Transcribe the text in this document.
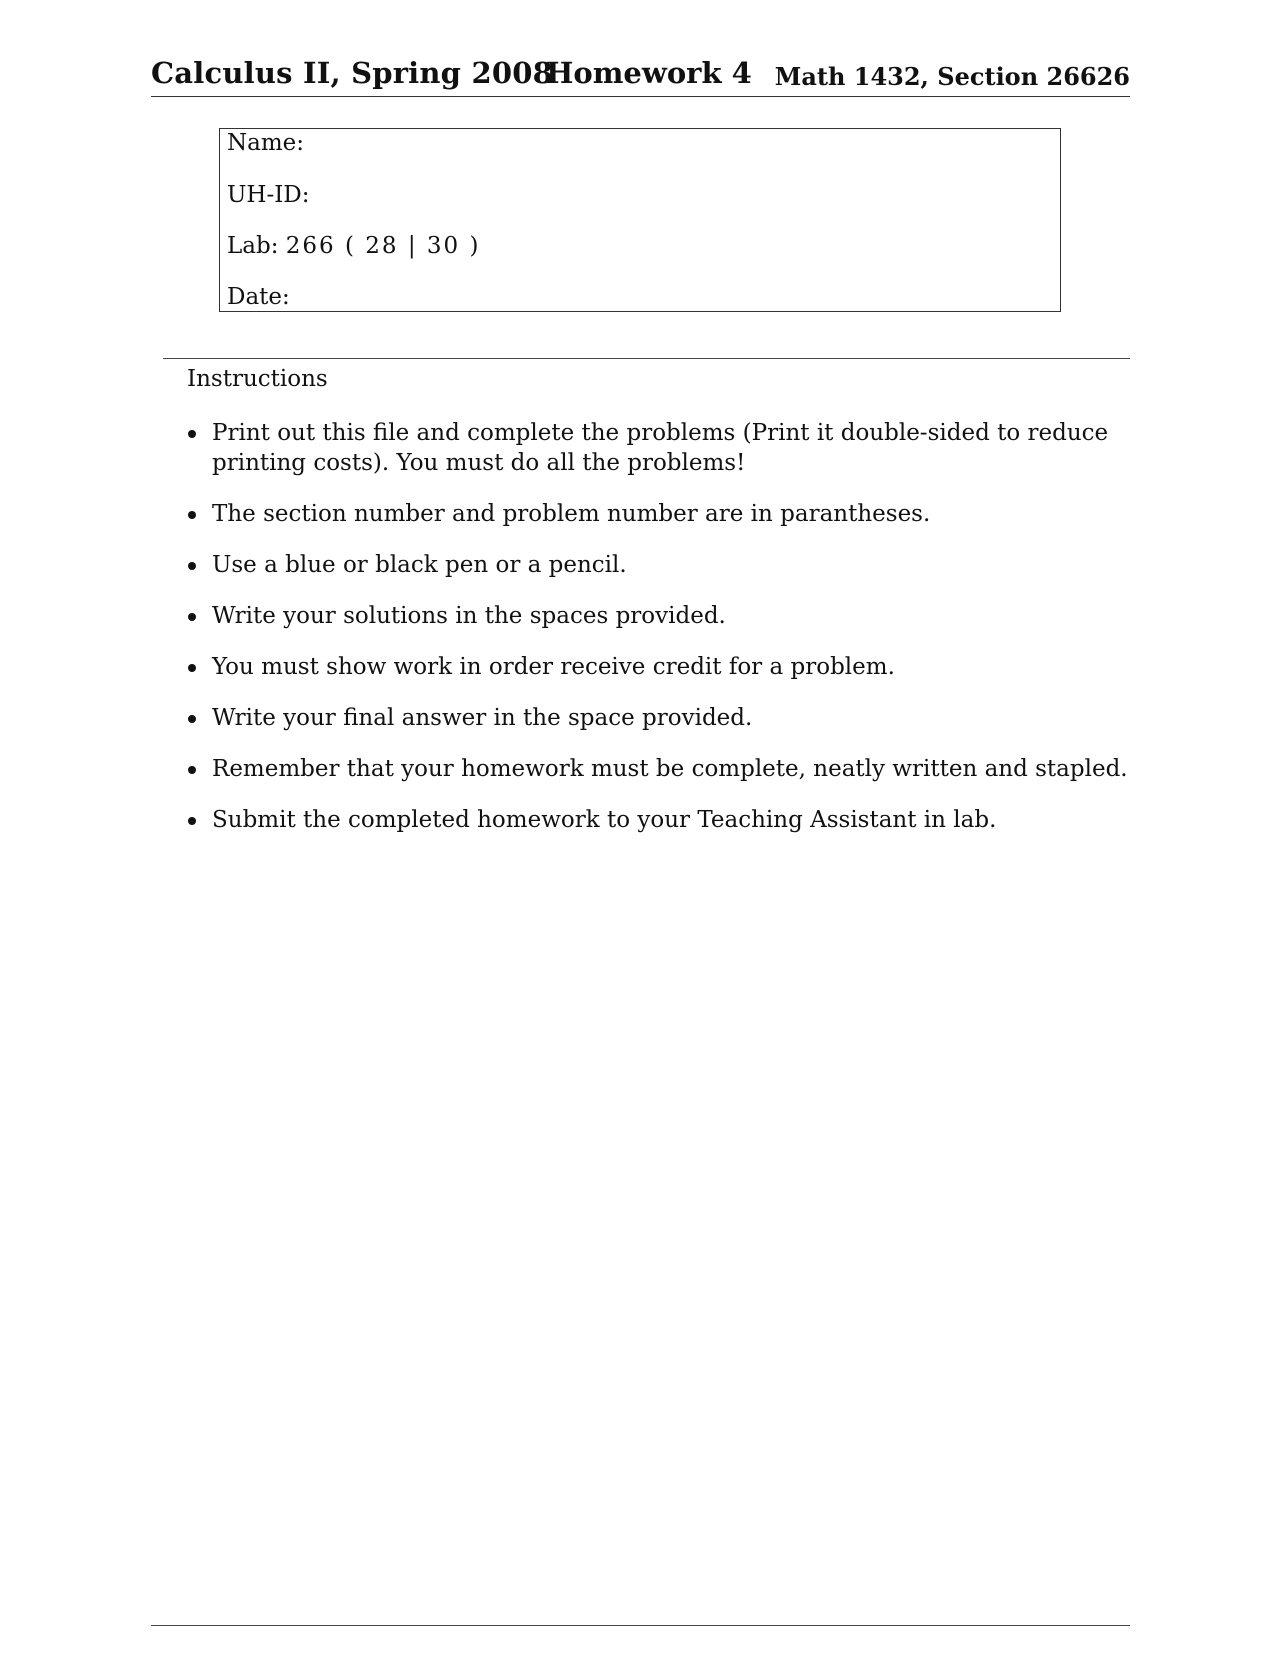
Calculus II, Spring 2008
Homework 4 Math 1432, Section 26626
Name:
UH-ID:
Lab: 266 ( 28 | 30 )
Date:
Instructions
Print out this file and complete the problems (Print it double-sided to reduce printing costs). You must do all the problems!
The section number and problem number are in parantheses.
Use a blue or black pen or a pencil.
Write your solutions in the spaces provided.
You must show work in order receive credit for a problem.
Write your final answer in the space provided.
Remember that your homework must be complete, neatly written and stapled.
Submit the completed homework to your Teaching Assistant in lab.
